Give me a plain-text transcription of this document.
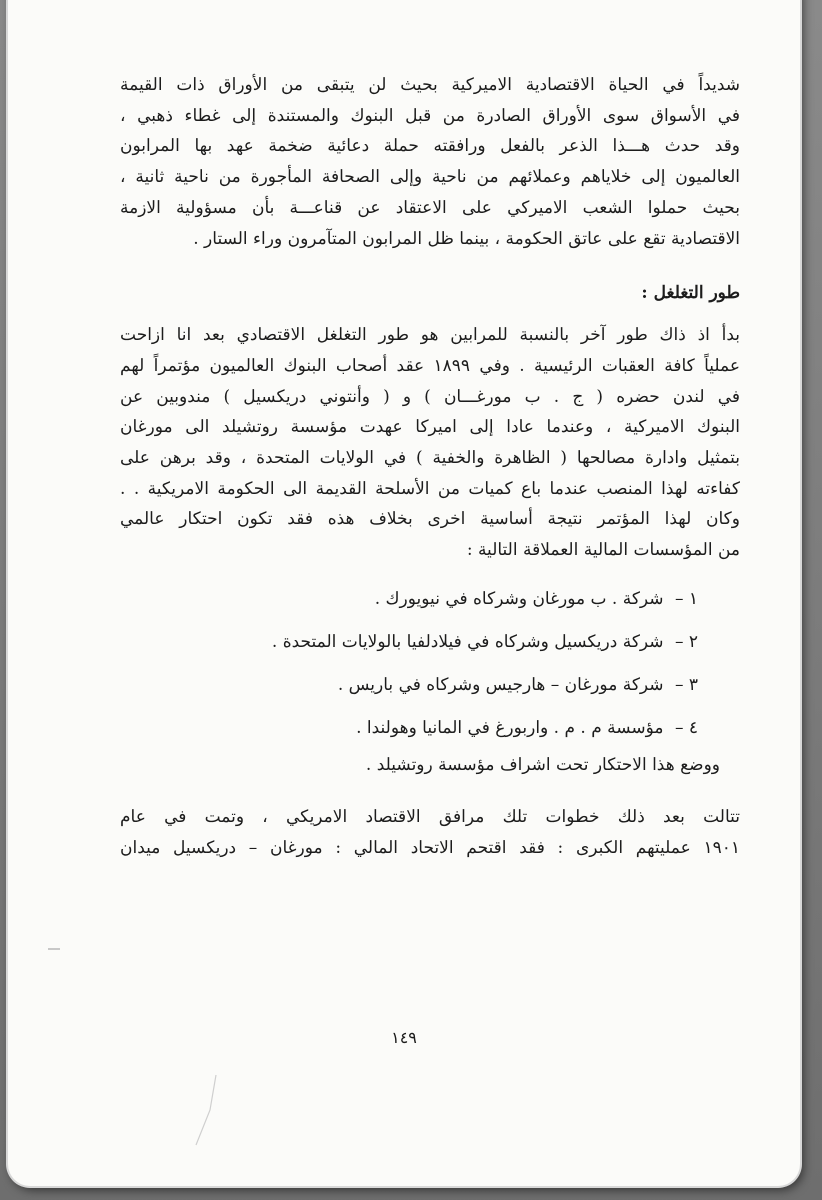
شديداً في الحياة الاقتصادية الاميركية بحيث لن يتبقى من الأوراق ذات القيمة

في الأسواق سوى الأوراق الصادرة من قبل البنوك والمستندة إلى غطاء ذهبي ،

وقد حدث هـــذا الذعر بالفعل ورافقته حملة دعائية ضخمة عهد بها المرابون

العالميون إلى خلاياهم وعملائهم من ناحية وإلى الصحافة المأجورة من ناحية ثانية ،

بحيث حملوا الشعب الاميركي على الاعتقاد عن قناعـــة بأن مسؤولية الازمة

الاقتصادية تقع على عاتق الحكومة ، بينما ظل المرابون المتآمرون وراء الستار .

طور التغلغل :

بدأ اذ ذاك طور آخر بالنسبة للمرابين هو طور التغلغل الاقتصادي بعد انا ازاحت

عملياً كافة العقبات الرئيسية . وفي ١٨٩٩ عقد أصحاب البنوك العالميون مؤتمراً لهم

في لندن حضره ( ج . ب مورغـــان ) و ( وأنتوني دريكسيل ) مندوبين عن

البنوك الاميركية ، وعندما عادا إلى اميركا عهدت مؤسسة روتشيلد الى مورغان

بتمثيل وادارة مصالحها ( الظاهرة والخفية ) في الولايات المتحدة ، وقد برهن على

كفاءته لهذا المنصب عندما باع كميات من الأسلحة القديمة الى الحكومة الامريكية . .

وكان لهذا المؤتمر نتيجة أساسية اخرى بخلاف هذه فقد تكون احتكار عالمي

من المؤسسات المالية العملاقة التالية :

١ – شركة . ب مورغان وشركاه في نيويورك .
٢ – شركة دريكسيل وشركاه في فيلادلفيا بالولايات المتحدة .
٣ – شركة مورغان – هارجيس وشركاه في باريس .
٤ – مؤسسة م . م . واربورغ في المانيا وهولندا .
ووضع هذا الاحتكار تحت اشراف مؤسسة روتشيلد .

تتالت بعد ذلك خطوات تلك مرافق الاقتصاد الامريكي ، وتمت في عام

١٩٠١ عمليتهم الكبرى : فقد اقتحم الاتحاد المالي : مورغان – دريكسيل ميدان

١٤٩
